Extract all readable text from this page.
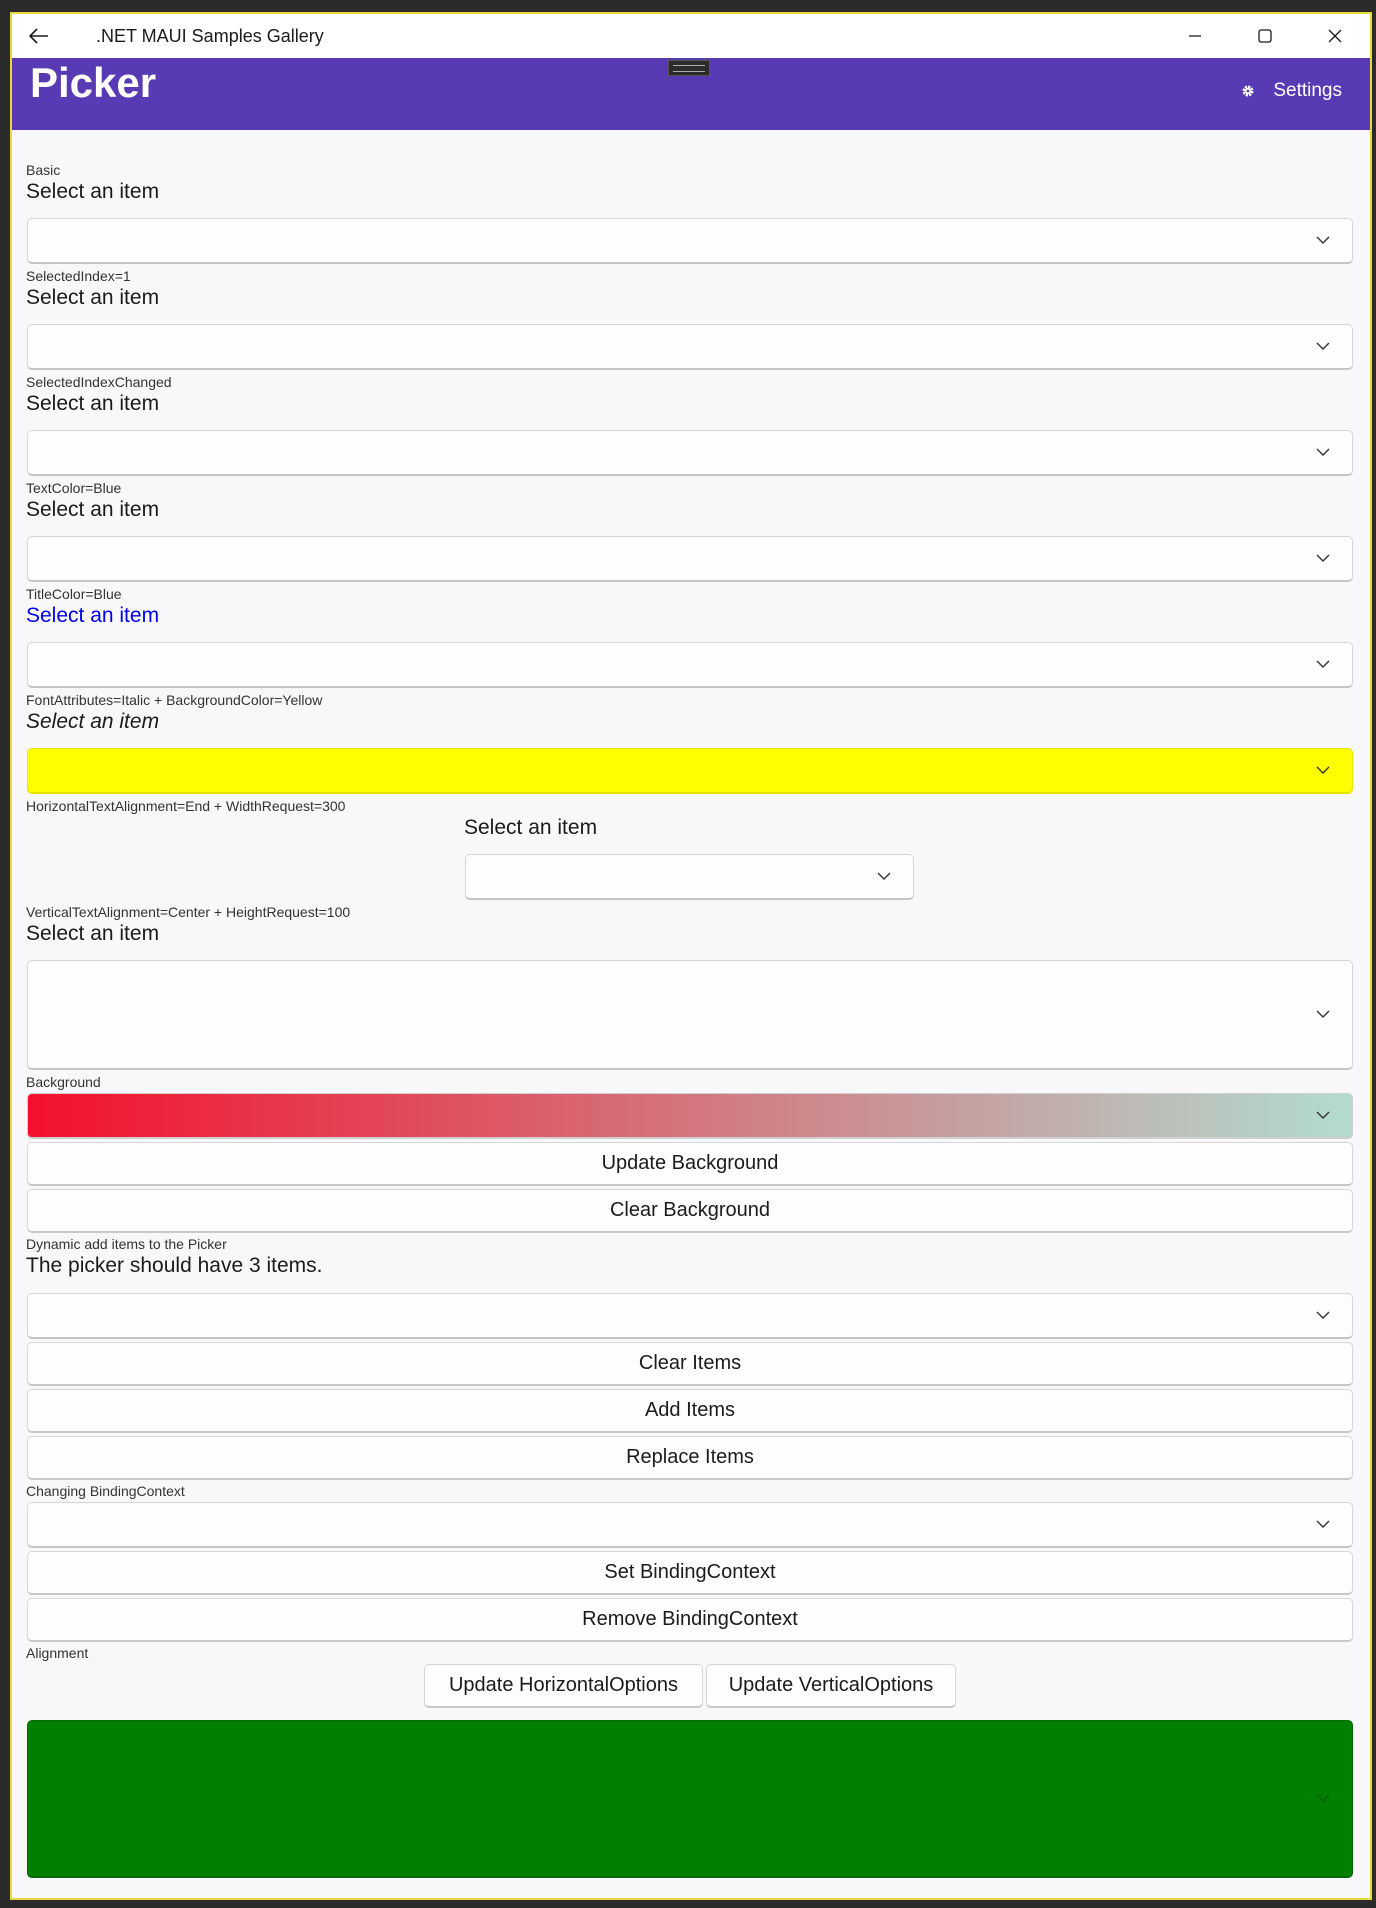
.NET MAUI Samples Gallery
Picker	Settings
Basic
Select an item
SelectedIndex=1
Select an item
SelectedIndexChanged
Select an item
TextColor=Blue
Select an item
TitleColor=Blue
Select an item
FontAttributes=Italic + BackgroundColor=Yellow
Select an item
HorizontalTextAlignment=End + WidthRequest=300
Select an item
VerticalTextAlignment=Center + HeightRequest=100
Select an item
Background
Update Background
Clear Background
Dynamic add items to the Picker
The picker should have 3 items.
Clear Items
Add Items
Replace Items
Changing BindingContext
Set BindingContext
Remove BindingContext
Alignment
Update HorizontalOptions	Update VerticalOptions
